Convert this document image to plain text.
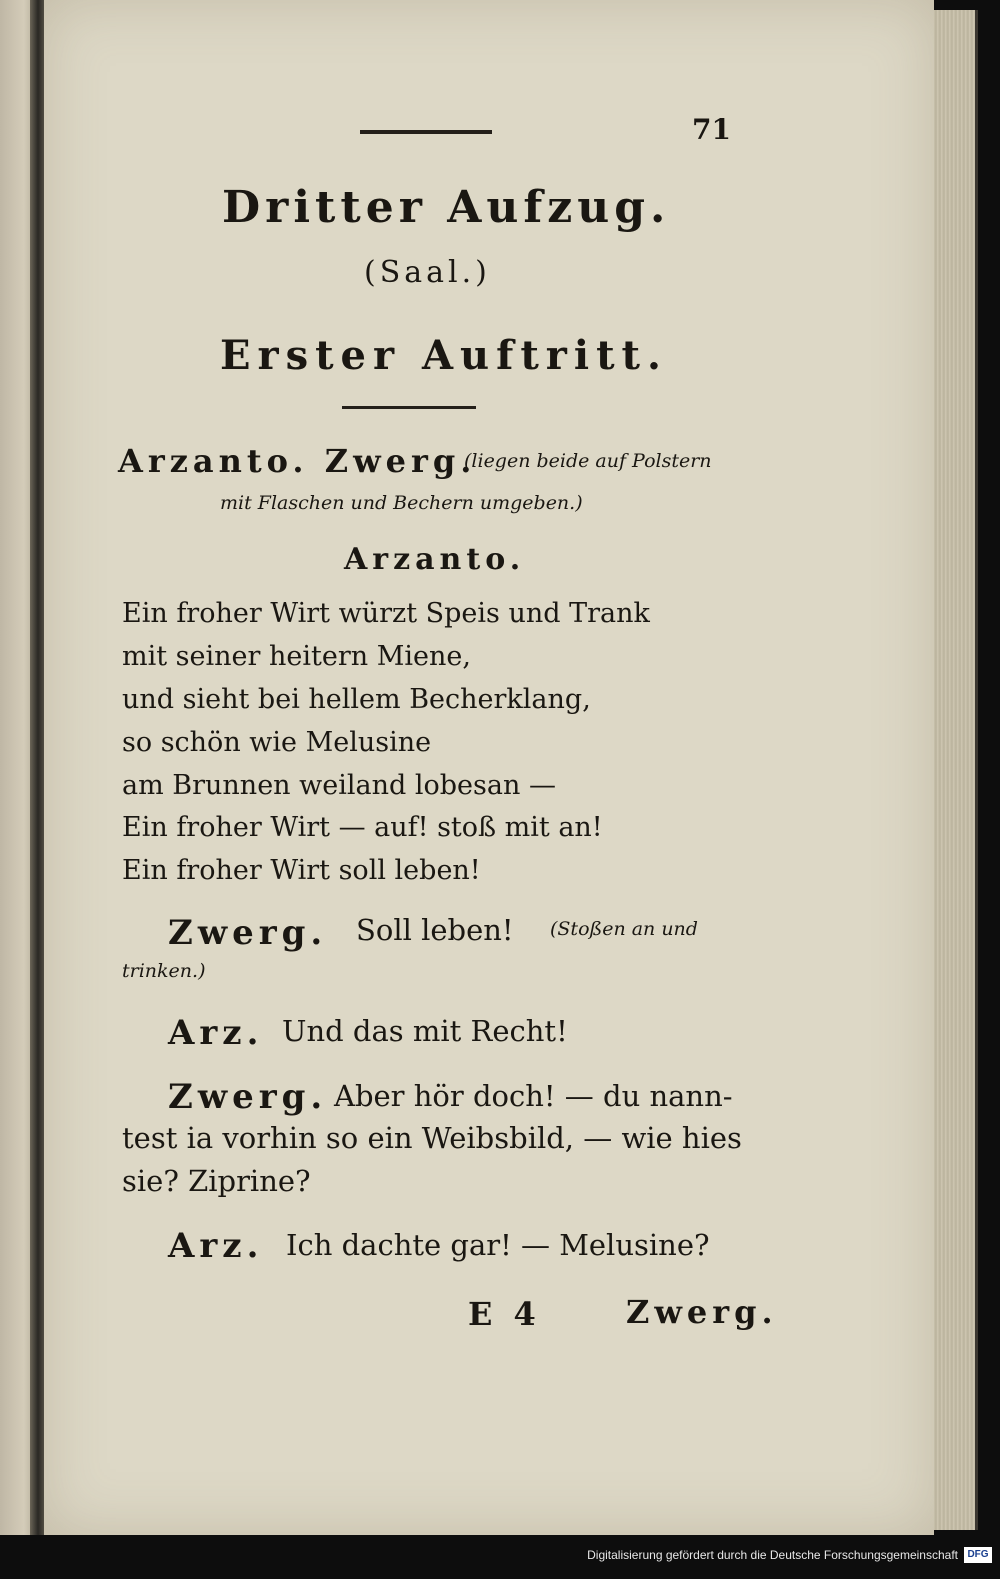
71
Dritter Aufzug.
(Saal.)
Erster Auftritt.
Arzanto. Zwerg.
(liegen beide auf Polstern
mit Flaschen und Bechern umgeben.)
Arzanto.
Ein froher Wirt würzt Speis und Trank
mit seiner heitern Miene,
und sieht bei hellem Becherklang,
so schön wie Melusine
am Brunnen weiland lobesan —
Ein froher Wirt — auf! stoß mit an!
Ein froher Wirt soll leben!
Zwerg. Soll leben! (Stoßen an und
trinken.)
Arz. Und das mit Recht!
Zwerg. Aber hör doch! — du nann-
test ia vorhin so ein Weibsbild, — wie hies
sie? Ziprine?
Arz. Ich dachte gar! — Melusine?
E 4	Zwerg.
Digitalisierung gefördert durch die Deutsche Forschungsgemeinschaft DFG
